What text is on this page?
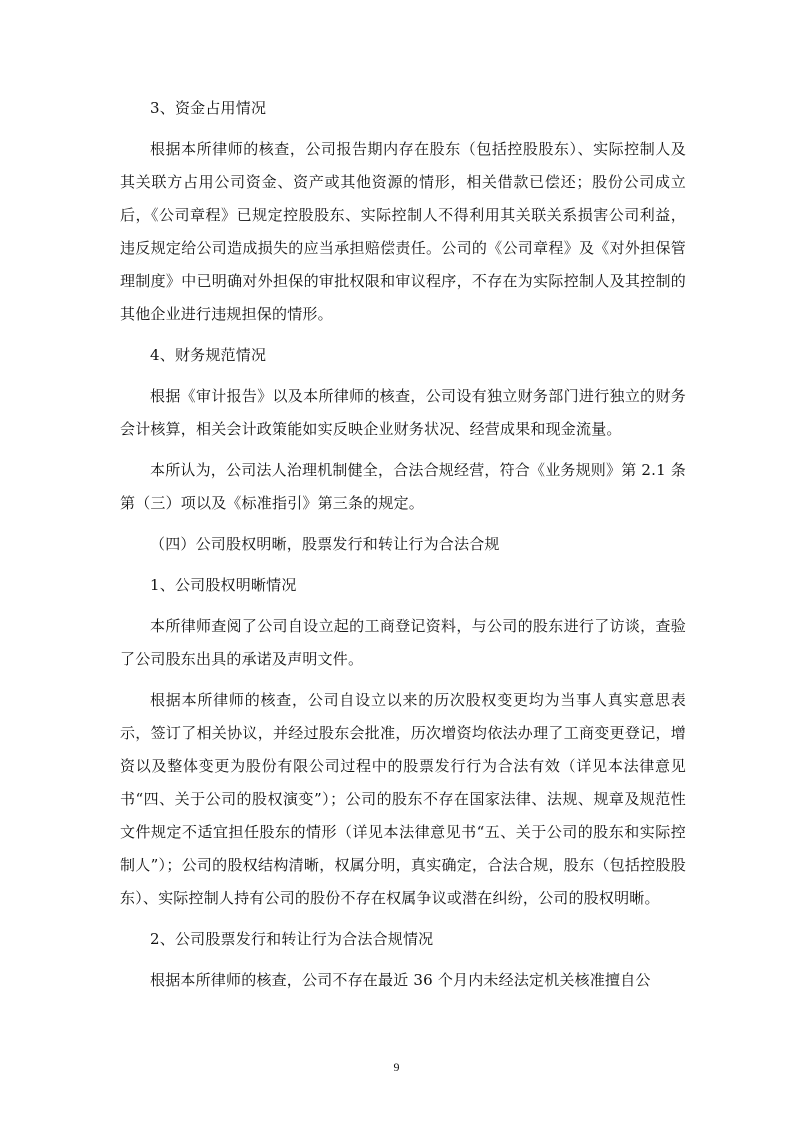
3、资金占用情况

根据本所律师的核查，公司报告期内存在股东（包括控股股东）、实际控制人及其关联方占用公司资金、资产或其他资源的情形，相关借款已偿还；股份公司成立后，《公司章程》已规定控股股东、实际控制人不得利用其关联关系损害公司利益，违反规定给公司造成损失的应当承担赔偿责任。公司的《公司章程》及《对外担保管理制度》中已明确对外担保的审批权限和审议程序，不存在为实际控制人及其控制的其他企业进行违规担保的情形。

4、财务规范情况

根据《审计报告》以及本所律师的核查，公司设有独立财务部门进行独立的财务会计核算，相关会计政策能如实反映企业财务状况、经营成果和现金流量。

本所认为，公司法人治理机制健全，合法合规经营，符合《业务规则》第 2.1 条第（三）项以及《标准指引》第三条的规定。

（四）公司股权明晰，股票发行和转让行为合法合规

1、公司股权明晰情况

本所律师查阅了公司自设立起的工商登记资料，与公司的股东进行了访谈，查验了公司股东出具的承诺及声明文件。

根据本所律师的核查，公司自设立以来的历次股权变更均为当事人真实意思表示，签订了相关协议，并经过股东会批准，历次增资均依法办理了工商变更登记，增资以及整体变更为股份有限公司过程中的股票发行行为合法有效（详见本法律意见书“四、关于公司的股权演变”）；公司的股东不存在国家法律、法规、规章及规范性文件规定不适宜担任股东的情形（详见本法律意见书“五、关于公司的股东和实际控制人”）；公司的股权结构清晰，权属分明，真实确定，合法合规，股东（包括控股股东）、实际控制人持有公司的股份不存在权属争议或潜在纠纷，公司的股权明晰。

2、公司股票发行和转让行为合法合规情况

根据本所律师的核查，公司不存在最近 36 个月内未经法定机关核准擅自公

9
